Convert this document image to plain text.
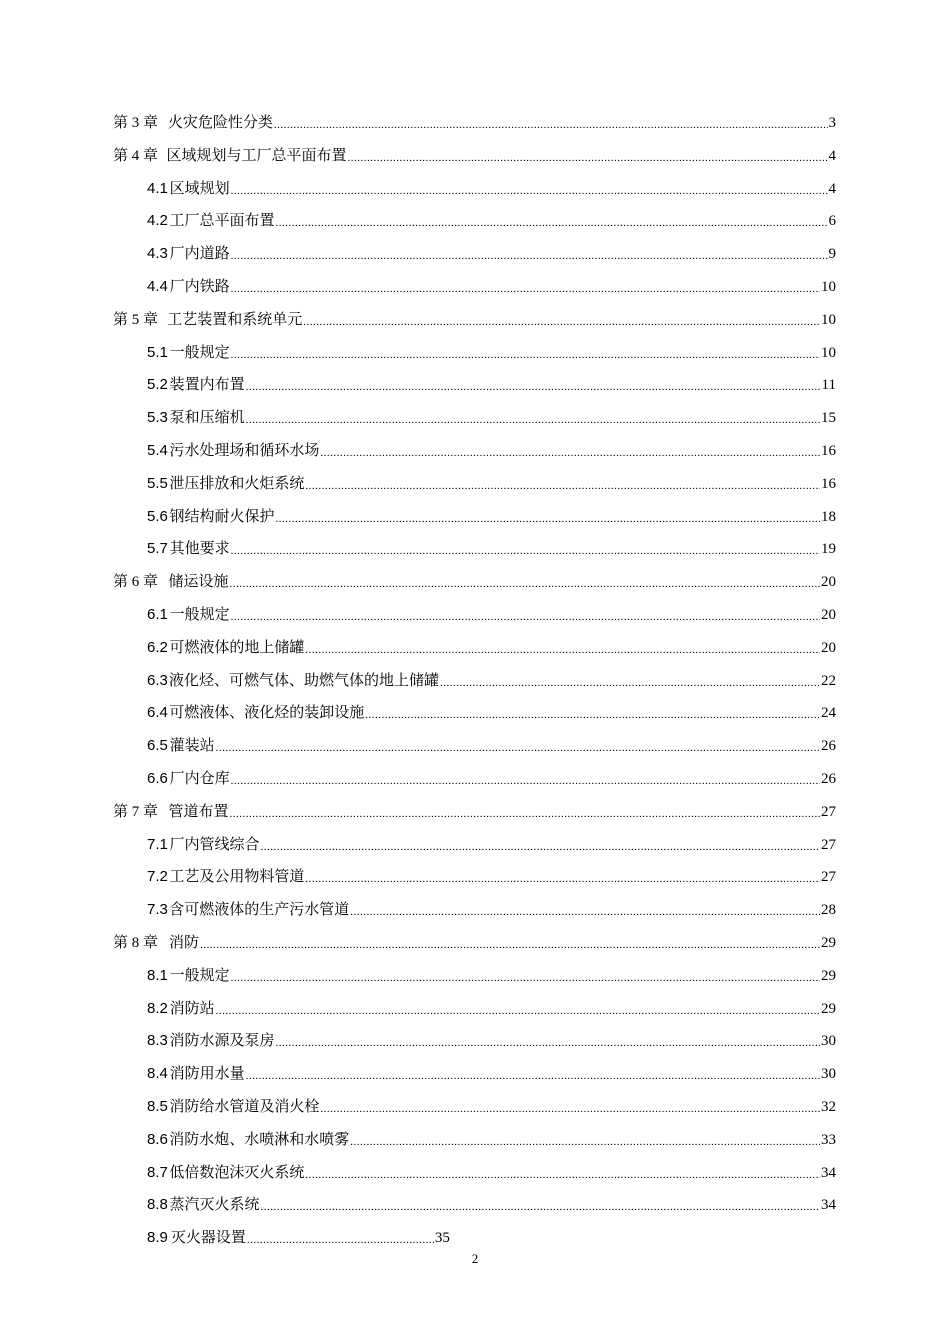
第 3 章 火灾危险性分类 .....	3
第 4 章 区域规划与工厂总平面布置 .....	4
4.1 区域规划 .....	4
4.2 工厂总平面布置 .....	6
4.3 厂内道路 .....	9
4.4 厂内铁路 .....	10
第 5 章 工艺装置和系统单元 .....	10
5.1 一般规定 .....	10
5.2 装置内布置 .....	11
5.3 泵和压缩机 .....	15
5.4 污水处理场和循环水场 .....	16
5.5 泄压排放和火炬系统 .....	16
5.6 钢结构耐火保护 .....	18
5.7 其他要求 .....	19
第 6 章 储运设施 .....	20
6.1 一般规定 .....	20
6.2 可燃液体的地上储罐 .....	20
6.3 液化烃、可燃气体、助燃气体的地上储罐 .....	22
6.4 可燃液体、液化烃的装卸设施 .....	24
6.5 灌装站 .....	26
6.6 厂内仓库 .....	26
第 7 章 管道布置 .....	27
7.1 厂内管线综合 .....	27
7.2 工艺及公用物料管道 .....	27
7.3 含可燃液体的生产污水管道 .....	28
第 8 章 消防 .....	29
8.1 一般规定 .....	29
8.2 消防站 .....	29
8.3 消防水源及泵房 .....	30
8.4 消防用水量 .....	30
8.5 消防给水管道及消火栓 .....	32
8.6 消防水炮、水喷淋和水喷雾 .....	33
8.7 低倍数泡沫灭火系统 .....	34
8.8 蒸汽灭火系统 .....	34
8.9 灭火器设置 .....	35
2
